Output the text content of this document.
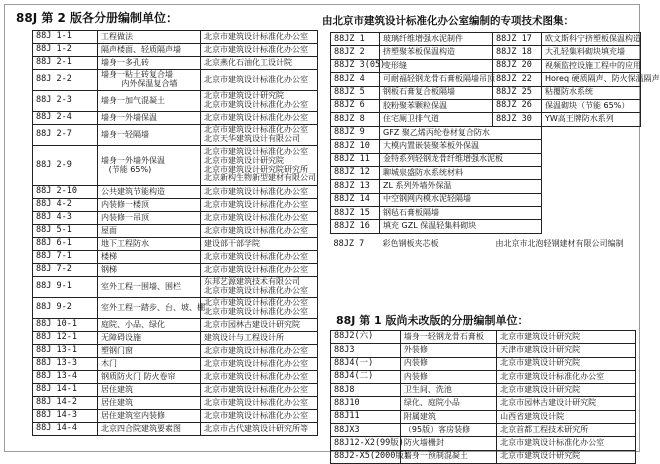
88J 第 2 版各分册编制单位：	由北京市建筑设计标准化办公室编制的专项技术图集：
88J 第 1 版尚未改版的分册编制单位：
88J 1-1	工程做法	北京市建筑设计标准化办公室

88J 1-2	隔声楼面、轻质隔声墙	北京市建筑设计标准化办公室

88J 2-1	墙身一多孔砖	北京燕化石油化工设计院

88J 2-2	墙身一粘土砖复合墙
内外保温复合墙	北京市建筑设计标准化办公室

88J 2-3	墙身一加气混凝土	北京市建筑设计研究院
北京市建筑设计标准化办公室

88J 2-4	墙身一外墙保温	北京市建筑设计标准化办公室

88J 2-7	墙身一轻隔墙	北京市建筑设计标准化办公室
北京天华建筑设计有限公司

88J 2-9	墙身一外墙外保温
(节能 65%)	北京市建筑设计标准化办公室
北京市建筑设计研究院
北京市建筑设计研究院研究所
北京新构生物新型建材有限公司

88J 2-10	公共建筑节能构造	北京市建筑设计标准化办公室

88J 4-2	内装修一楼顶	北京市建筑设计标准化办公室

88J 4-3	内装修一吊顶	北京市建筑设计标准化办公室

88J 5-1	屋面	北京市建筑设计标准化办公室

88J 6-1	地下工程防水	建设部干部学院

88J 7-1	楼梯	北京市建筑设计标准化办公室

88J 7-2	钢梯	北京市建筑设计标准化办公室

88J 9-1	室外工程一围墙、围栏	东邦艺源建筑技术有限公司
北京市建筑设计标准化办公室

88J 9-2	室外工程一踏步、台、坡、棚	北京市建筑设计标准化办公室
北京市建筑设计标准化办公室

88J 10-1	庭院、小品、绿化	北京市园林古建设计研究院

88J 12-1	无障碍设施	建筑设计与工程设计所

88J 13-1	塑钢门窗	北京市建筑设计标准化办公室

88J 13-3	木门	北京市建筑设计标准化办公室

88J 13-4	钢质防火门 防火卷帘	北京市建筑设计标准化办公室

88J 14-1	居住建筑	北京市建筑设计标准化办公室

88J 14-2	居住建筑	北京市建筑设计标准化办公室

88J 14-3	居住建筑室内装修	北京市建筑设计标准化办公室

88J 14-4	北京四合院建筑要素图	北京市古代建筑设计研究所等
88JZ 1	玻璃纤维增强水泥制件	88JZ 17	欧文斯科宁挤塑板保温构造
88JZ 2	挤塑聚苯板保温构造	88JZ 18	大孔轻集料砌块填充墙
88JZ 3(05)	变形缝	88JZ 20	视频监控设施工程中的应用
88JZ 4	可耐福轻钢龙骨石膏板隔墙吊顶	88JZ 22	Horeq 硬质隔声、防火保温隔声
88JZ 5	钢板石膏复合板隔墙	88JZ 25	粘覆防水系统
88JZ 6	胶粉聚苯颗粒保温	88JZ 26	保温砌块（节能 65%）
88JZ 8	住宅厕卫排气道	88JZ 30	YW高王牌防水系列
88JZ 9	GFZ 聚乙烯丙纶卷材复合防水		
88JZ 10	大模内置嵌装聚苯板外保温		
88JZ 11	金特系列轻钢龙骨纤维增强水泥板		
88JZ 12	聊城泉盛防水系统材料		
88JZ 13	ZL 系列外墙外保温		
88JZ 14	中空钢网内模水泥轻隔墙		
88JZ 15	钢毡石膏板隔墙		
88JZ 16	填充 GZL 保温轻集料砌块		
88JZ 7	彩色钢板夹芯板	由北京市北泡轻钢建材有限公司编制	
88J2(六)	墙身一轻钢龙骨石膏板	北京市建筑设计研究院
88J3	外装修	天津市建筑设计研究院
88J4(一)	内装修	北京市建筑设计研究院
88J4(二)	内装修	北京市建筑设计标准化办公室
88J8	卫生间、洗池	北京市建筑设计研究院
88J10	绿化、庭院小品	北京市园林古建设计研究院
88J11	附属建筑	山西省建筑设计院
88JX3	（95版）客房装修	北京首都工程技术研究所
88J12-X2(99版)	防火墙栅封	北京市建筑设计标准化办公室
88J2-X5(2000版)	墙身一预制混凝土	北京市建筑设计研究院
